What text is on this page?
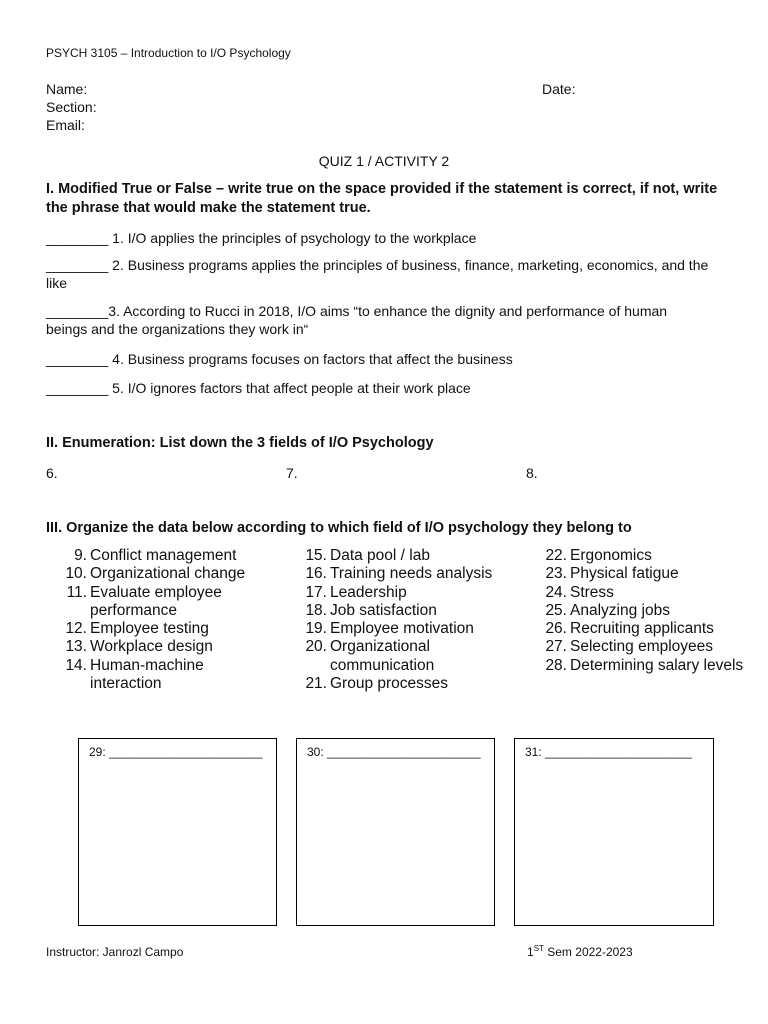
PSYCH 3105 – Introduction to I/O Psychology
Name:	Date:
Section:
Email:
QUIZ 1 / ACTIVITY 2
I. Modified True or False – write true on the space provided if the statement is correct, if not, write the phrase that would make the statement true.
________ 1. I/O applies the principles of psychology to the workplace
________ 2. Business programs applies the principles of business, finance, marketing, economics, and the like
________3. According to Rucci in 2018, I/O aims “to enhance the dignity and performance of human beings and the organizations they work in“
________ 4. Business programs focuses on factors that affect the business
________ 5. I/O ignores factors that affect people at their work place
II. Enumeration: List down the 3 fields of I/O Psychology
6.	7.	8.
III. Organize the data below according to which field of I/O psychology they belong to
9. Conflict management
10. Organizational change
11. Evaluate employee performance
12. Employee testing
13. Workplace design
14. Human-machine interaction
15. Data pool / lab
16. Training needs analysis
17. Leadership
18. Job satisfaction
19. Employee motivation
20. Organizational communication
21. Group processes
22. Ergonomics
23. Physical fatigue
24. Stress
25. Analyzing jobs
26. Recruiting applicants
27. Selecting employees
28. Determining salary levels
29: _______________________	30: _______________________	31: ______________________
Instructor: Janrozl Campo	1ST Sem 2022-2023
